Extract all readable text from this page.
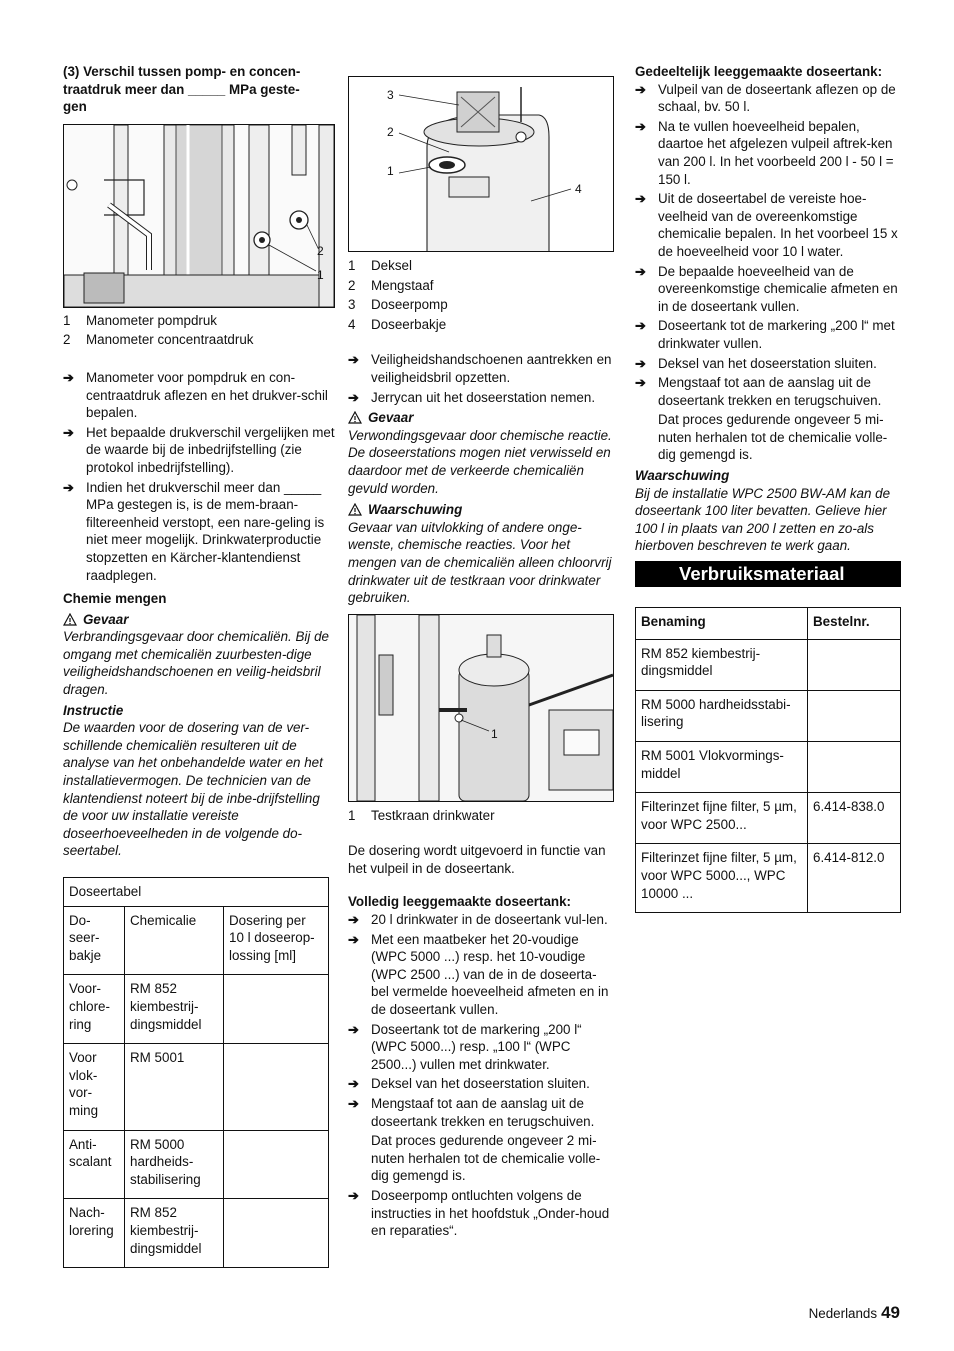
(3) Verschil tussen pomp- en concen-traatdruk meer dan _____ MPa geste-gen

2
1
1	Manometer pompdruk
2	Manometer concentraatdruk
➔ Manometer voor pompdruk en con-centraatdruk aflezen en het drukver-schil bepalen.
➔ Het bepaalde drukverschil vergelijken met de waarde bij de inbedrijfstelling (zie protokol inbedrijfstelling).
➔ Indien het drukverschil meer dan _____ MPa gestegen is, is de mem-braan-filtereenheid verstopt, een nare-geling is niet meer mogelijk. Drinkwaterproductie stopzetten en Kärcher-klantendienst raadplegen.

Chemie mengen

Gevaar

Verbrandingsgevaar door chemicaliën. Bij de omgang met chemicaliën zuurbesten-dige veiligheidshandschoenen en veilig-heidsbril dragen.

Instructie

De waarden voor de dosering van de ver-schillende chemicaliën resulteren uit de analyse van het onbehandelde water en het installatievermogen. De technicien van de klantendienst noteert bij de inbe-drijfstelling de voor uw installatie vereiste doseerhoeveelheden in de volgende do-seertabel.

Doseertabel		
Do-seer-bakje	Chemicalie	Dosering per 10 l doseerop-lossing [ml]
Voor-chlore-ring	RM 852 kiembestrij-dingsmiddel	
Voor vlok-vor-ming	RM 5001	
Anti-scalant	RM 5000 hardheids-stabilisering	
Nach-lorering	RM 852 kiembestrij-dingsmiddel	
3
2
1
4
1	Deksel
2	Mengstaaf
3	Doseerpomp
4	Doseerbakje
➔ Veiligheidshandschoenen aantrekken en veiligheidsbril opzetten.
➔ Jerrycan uit het doseerstation nemen.
Gevaar

Verwondingsgevaar door chemische reactie. De doseerstations mogen niet verwisseld en daardoor met de verkeerde chemicaliën gevuld worden.

Waarschuwing

Gevaar van uitvlokking of andere onge-wenste, chemische reacties. Voor het mengen van de chemicaliën alleen chloorvrij drinkwater uit de testkraan voor drinkwater gebruiken.

1
1	Testkraan drinkwater

De dosering wordt uitgevoerd in functie van het vulpeil in de doseertank.

Volledig leeggemaakte doseertank:

➔ 20 l drinkwater in de doseertank vul-len.
➔ Met een maatbeker het 20-voudige (WPC 5000 ...) resp. het 10-voudige (WPC 2500 ...) van de in de doseerta-bel vermelde hoeveelheid afmeten en in de doseertank vullen.
➔ Doseertank tot de markering „200 l“ (WPC 5000...) resp. „100 l“ (WPC 2500...) vullen met drinkwater.
➔ Deksel van het doseerstation sluiten.
➔ Mengstaaf tot aan de aanslag uit de doseertank trekken en terugschuiven.

Dat proces gedurende ongeveer 2 mi-nuten herhalen tot de chemicalie volle-dig gemengd is.

➔ Doseerpomp ontluchten volgens de instructies in het hoofdstuk „Onder-houd en reparaties“.

Gedeeltelijk leeggemaakte doseertank:

➔ Vulpeil van de doseertank aflezen op de schaal, bv. 50 l.
➔ Na te vullen hoeveelheid bepalen, daartoe het afgelezen vulpeil aftrek-ken van 200 l. In het voorbeeld 200 l - 50 l = 150 l.
➔ Uit de doseertabel de vereiste hoe-veelheid van de overeenkomstige chemicalie bepalen. In het voorbeel 15 x de hoeveelheid voor 10 l water.
➔ De bepaalde hoeveelheid van de overeenkomstige chemicalie afmeten en in de doseertank vullen.
➔ Doseertank tot de markering „200 l“ met drinkwater vullen.
➔ Deksel van het doseerstation sluiten.
➔ Mengstaaf tot aan de aanslag uit de doseertank trekken en terugschuiven.

Dat proces gedurende ongeveer 5 mi-nuten herhalen tot de chemicalie volle-dig gemengd is.

Waarschuwing

Bij de installatie WPC 2500 BW-AM kan de doseertank 100 liter bevatten. Gelieve hier 100 l in plaats van 200 l zetten en zo-als hierboven beschreven te werk gaan.

Verbruiksmateriaal
Benaming	Bestelnr.
RM 852 kiembestrij-dingsmiddel	
RM 5000 hardheidsstabi-lisering	
RM 5001 Vlokvormings-middel	
Filterinzet fijne filter, 5 µm, voor WPC 2500...	6.414-838.0
Filterinzet fijne filter, 5 µm, voor WPC 5000..., WPC 10000 ...	6.414-812.0
Nederlands 49
